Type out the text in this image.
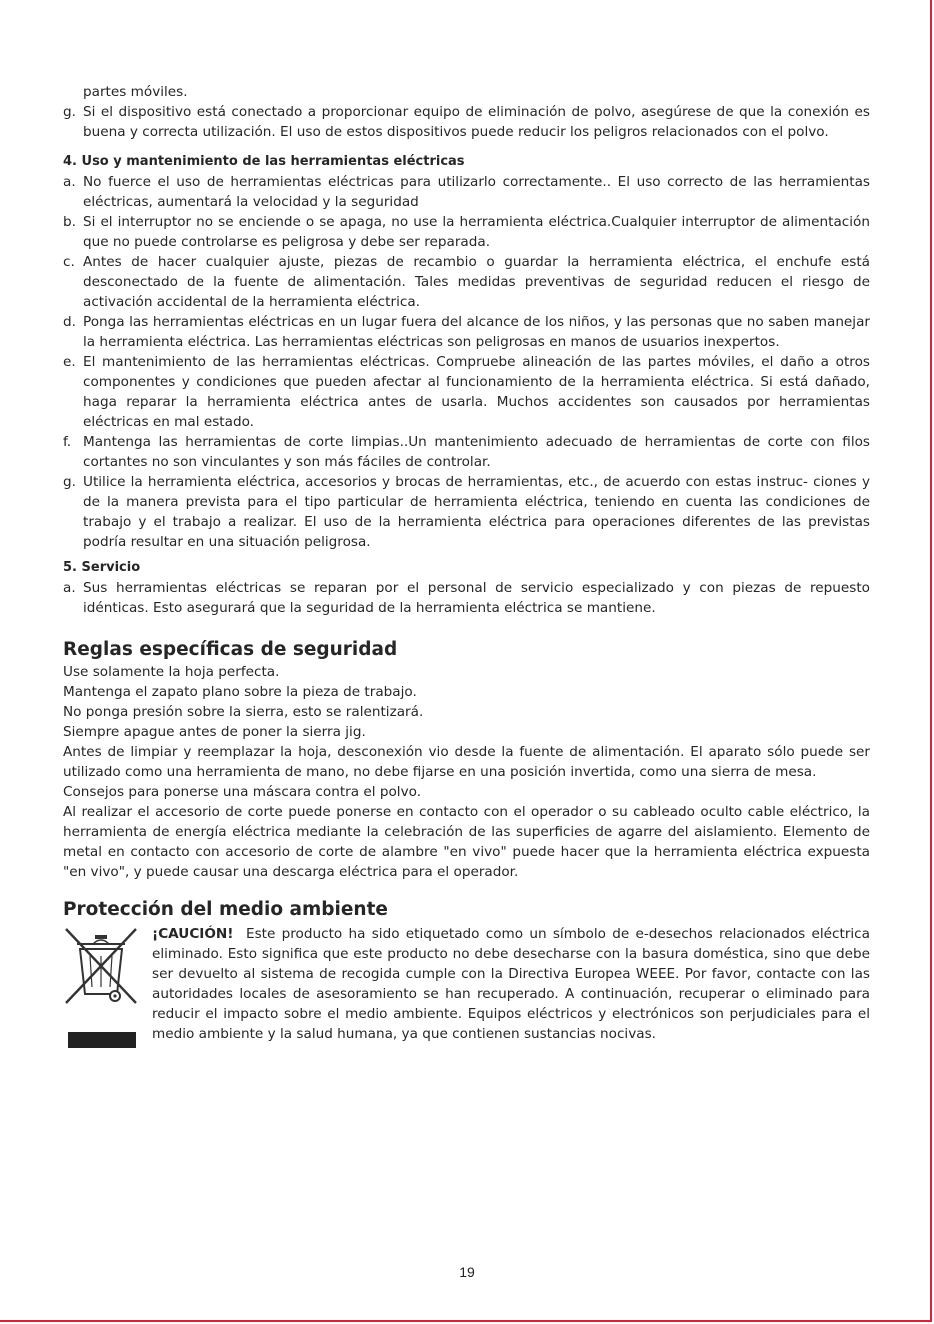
partes móviles.
g. Si el dispositivo está conectado a proporcionar equipo de eliminación de polvo, asegúrese de que la conexión es buena y correcta utilización. El uso de estos dispositivos puede reducir los peligros relacionados con el polvo.
4. Uso y mantenimiento de las herramientas eléctricas
a. No fuerce el uso de herramientas eléctricas para utilizarlo correctamente.. El uso correcto de las herramientas eléctricas, aumentará la velocidad y la seguridad
b. Si el interruptor no se enciende o se apaga, no use la herramienta eléctrica.Cualquier interruptor de alimentación que no puede controlarse es peligrosa y debe ser reparada.
c. Antes de hacer cualquier ajuste, piezas de recambio o guardar la herramienta eléctrica, el enchufe está desconectado de la fuente de alimentación. Tales medidas preventivas de seguridad reducen el riesgo de activación accidental de la herramienta eléctrica.
d. Ponga las herramientas eléctricas en un lugar fuera del alcance de los niños, y las personas que no saben manejar la herramienta eléctrica. Las herramientas eléctricas son peligrosas en manos de usuarios inexpertos.
e. El mantenimiento de las herramientas eléctricas. Compruebe alineación de las partes móviles, el daño a otros componentes y condiciones que pueden afectar al funcionamiento de la herramienta eléctrica. Si está dañado, haga reparar la herramienta eléctrica antes de usarla. Muchos accidentes son causados por herramientas eléctricas en mal estado.
f. Mantenga las herramientas de corte limpias..Un mantenimiento adecuado de herramientas de corte con filos cortantes no son vinculantes y son más fáciles de controlar.
g. Utilice la herramienta eléctrica, accesorios y brocas de herramientas, etc., de acuerdo con estas instruc- ciones y de la manera prevista para el tipo particular de herramienta eléctrica, teniendo en cuenta las condiciones de trabajo y el trabajo a realizar. El uso de la herramienta eléctrica para operaciones diferentes de las previstas podría resultar en una situación peligrosa.
5. Servicio
a. Sus herramientas eléctricas se reparan por el personal de servicio especializado y con piezas de repuesto idénticas. Esto asegurará que la seguridad de la herramienta eléctrica se mantiene.
Reglas específicas de seguridad
Use solamente la hoja perfecta.
Mantenga el zapato plano sobre la pieza de trabajo.
No ponga presión sobre la sierra, esto se ralentizará.
Siempre apague antes de poner la sierra jig.
Antes de limpiar y reemplazar la hoja, desconexión vio desde la fuente de alimentación. El aparato sólo puede ser utilizado como una herramienta de mano, no debe fijarse en una posición invertida, como una sierra de mesa.
Consejos para ponerse una máscara contra el polvo.
Al realizar el accesorio de corte puede ponerse en contacto con el operador o su cableado oculto cable eléctrico, la herramienta de energía eléctrica mediante la celebración de las superficies de agarre del aislamiento. Elemento de metal en contacto con accesorio de corte de alambre "en vivo" puede hacer que la herramienta eléctrica expuesta "en vivo", y puede causar una descarga eléctrica para el operador.
Protección del medio ambiente
¡CAUCIÓN! Este producto ha sido etiquetado como un símbolo de e-desechos relacionados eléctrica eliminado. Esto significa que este producto no debe desecharse con la basura doméstica, sino que debe ser devuelto al sistema de recogida cumple con la Directiva Europea WEEE. Por favor, contacte con las autoridades locales de asesoramiento se han recuperado. A continuación, recuperar o eliminado para reducir el impacto sobre el medio ambiente. Equipos eléctricos y electrónicos son perjudiciales para el medio ambiente y la salud humana, ya que contienen sustancias nocivas.
19
